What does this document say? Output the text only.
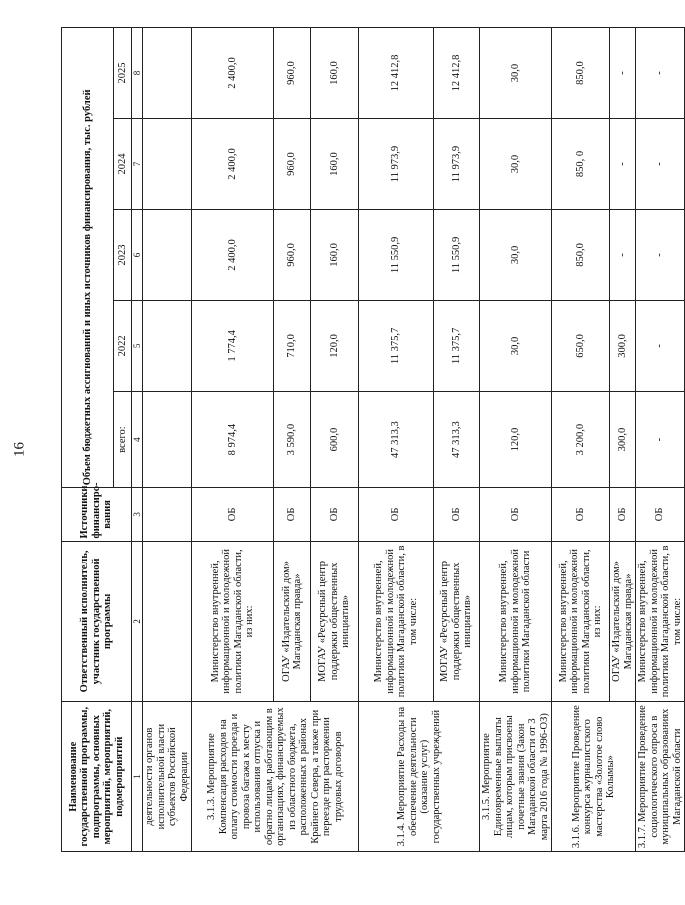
16
Наименование государственной программы, подпрограммы, основных мероприятий, мероприятий, подмероприятий	Ответственный исполнитель, участник государственной программы	Источники финансиро-вания	Объем бюджетных ассигнований и иных источников финансирования, тыс. рублей				
			всего:	2022	2023	2024	2025
1	2	3	4	5	6	7	8
деятельности органов исполнительной власти субъектов Российской Федерации							
3.1.3. Мероприятие Компенсация расходов на оплату стоимости проезда и провоза багажа к месту использования отпуска и обратно лицам, работающим в организациях, финансируемых из областного бюджета, расположенных в районах Крайнего Севера, а также при переезде при расторжении трудовых договоров	Министерство внутренней, информационной и молодежной политики Магаданской области, из них:	ОБ	8 974,4	1 774,4	2 400,0	2 400,0	2 400,0
	ОГАУ «Издательский дом» Магаданская правда»	ОБ	3 590,0	710,0	960,0	960,0	960,0
	МОГАУ «Ресурсный центр поддержки общественных инициатив»	ОБ	600,0	120,0	160,0	160,0	160,0
3.1.4. Мероприятие Расходы на обеспечение деятельности (оказание услуг) государственных учреждений	Министерство внутренней, информационной и молодежной политики Магаданской области, в том числе:	ОБ	47 313,3	11 375,7	11 550,9	11 973,9	12 412,8
	МОГАУ «Ресурсный центр поддержки общественных инициатив»	ОБ	47 313,3	11 375,7	11 550,9	11 973,9	12 412,8
3.1.5. Мероприятие Единовременные выплаты лицам, которым присвоены почетные звания (Закон Магаданской области от 3 марта 2016 года № 1996-ОЗ)	Министерство внутренней, информационной и молодежной политики Магаданской области	ОБ	120,0	30,0	30,0	30,0	30,0
3.1.6. Мероприятие Проведение конкурса журналистского мастерства «Золотое слово Колымы»	Министерство внутренней, информационной и молодежной политики Магаданской области, из них:	ОБ	3 200,0	650,0	850,0	850, 0	850,0
	ОГАУ «Издательский дом» Магаданская правда»	ОБ	300,0	300,0	-	-	-
3.1.7. Мероприятие Проведение социологического опроса в муниципальных образованиях Магаданской области	Министерство внутренней, информационной и молодежной политики Магаданской области, в том числе:	ОБ	-	-	-	-	-
